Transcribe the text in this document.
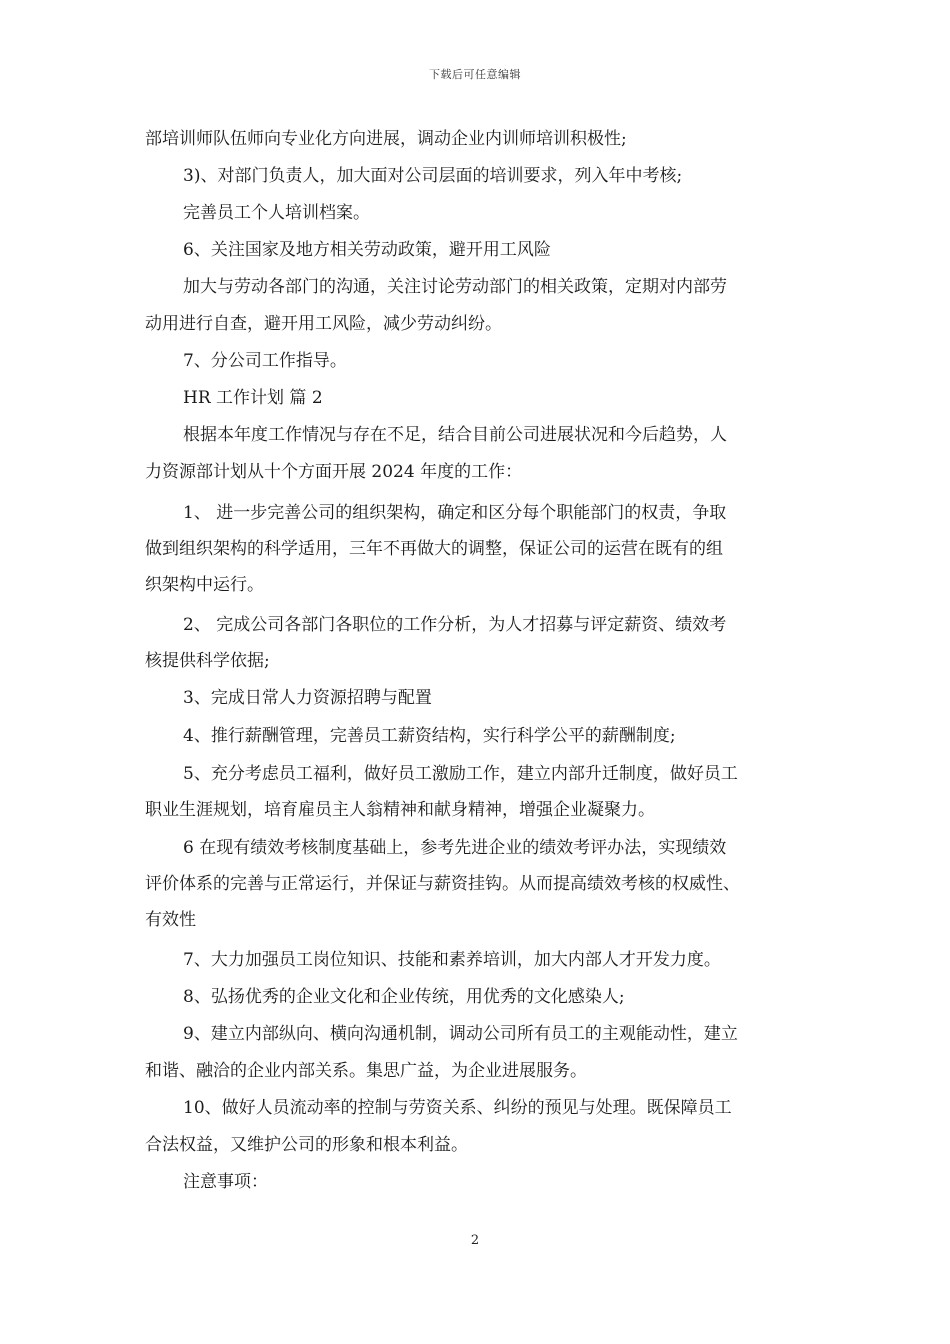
下载后可任意编辑
部培训师队伍师向专业化方向进展，调动企业内训师培训积极性;
3)、对部门负责人，加大面对公司层面的培训要求，列入年中考核;
完善员工个人培训档案。
6、关注国家及地方相关劳动政策，避开用工风险
加大与劳动各部门的沟通，关注讨论劳动部门的相关政策，定期对内部劳
动用进行自查，避开用工风险，减少劳动纠纷。
7、分公司工作指导。
HR 工作计划 篇 2
根据本年度工作情况与存在不足，结合目前公司进展状况和今后趋势，人
力资源部计划从十个方面开展 2024 年度的工作：
1、 进一步完善公司的组织架构，确定和区分每个职能部门的权责，争取
做到组织架构的科学适用，三年不再做大的调整，保证公司的运营在既有的组
织架构中运行。
2、 完成公司各部门各职位的工作分析，为人才招募与评定薪资、绩效考
核提供科学依据;
3、完成日常人力资源招聘与配置
4、推行薪酬管理，完善员工薪资结构，实行科学公平的薪酬制度;
5、充分考虑员工福利，做好员工激励工作，建立内部升迁制度，做好员工
职业生涯规划，培育雇员主人翁精神和献身精神，增强企业凝聚力。
6 在现有绩效考核制度基础上，参考先进企业的绩效考评办法，实现绩效
评价体系的完善与正常运行，并保证与薪资挂钩。从而提高绩效考核的权威性、
有效性
7、大力加强员工岗位知识、技能和素养培训，加大内部人才开发力度。
8、弘扬优秀的企业文化和企业传统，用优秀的文化感染人;
9、建立内部纵向、横向沟通机制，调动公司所有员工的主观能动性，建立
和谐、融洽的企业内部关系。集思广益，为企业进展服务。
10、做好人员流动率的控制与劳资关系、纠纷的预见与处理。既保障员工
合法权益，又维护公司的形象和根本利益。
注意事项：
2
